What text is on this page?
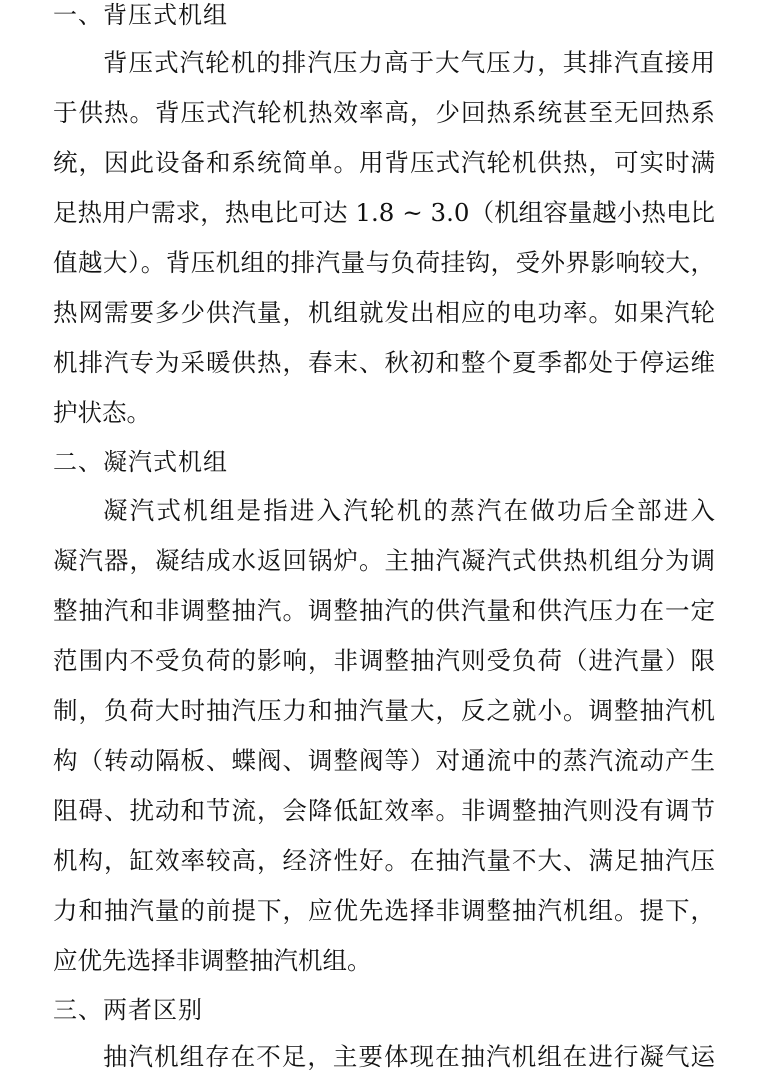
一、背压式机组
背压式汽轮机的排汽压力高于大气压力，其排汽直接用
于供热。背压式汽轮机热效率高，少回热系统甚至无回热系
统，因此设备和系统简单。用背压式汽轮机供热，可实时满
足热用户需求，热电比可达 1.8 ~ 3.0（机组容量越小热电比
值越大）。背压机组的排汽量与负荷挂钩，受外界影响较大，
热网需要多少供汽量，机组就发出相应的电功率。如果汽轮
机排汽专为采暖供热，春末、秋初和整个夏季都处于停运维
护状态。
二、凝汽式机组
凝汽式机组是指进入汽轮机的蒸汽在做功后全部进入
凝汽器，凝结成水返回锅炉。主抽汽凝汽式供热机组分为调
整抽汽和非调整抽汽。调整抽汽的供汽量和供汽压力在一定
范围内不受负荷的影响，非调整抽汽则受负荷（进汽量）限
制，负荷大时抽汽压力和抽汽量大，反之就小。调整抽汽机
构（转动隔板、蝶阀、调整阀等）对通流中的蒸汽流动产生
阻碍、扰动和节流，会降低缸效率。非调整抽汽则没有调节
机构，缸效率较高，经济性好。在抽汽量不大、满足抽汽压
力和抽汽量的前提下，应优先选择非调整抽汽机组。提下，
应优先选择非调整抽汽机组。
三、两者区别
抽汽机组存在不足，主要体现在抽汽机组在进行凝气运
